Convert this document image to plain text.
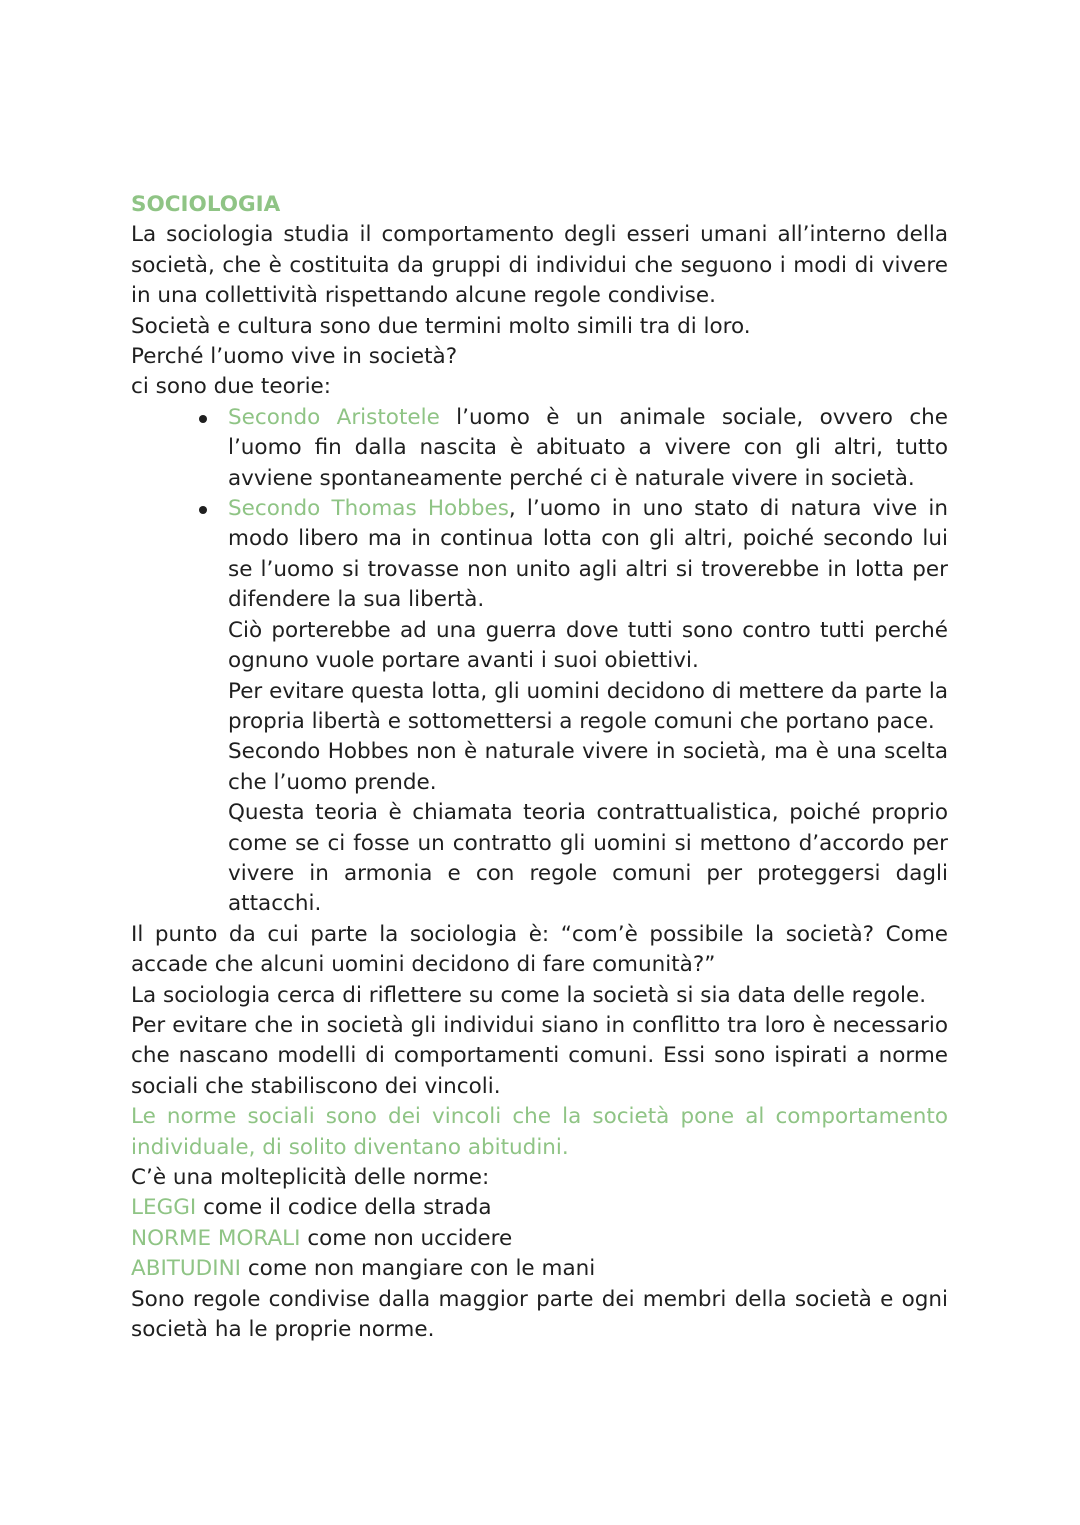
SOCIOLOGIA

La sociologia studia il comportamento degli esseri umani all’interno della società, che è costituita da gruppi di individui che seguono i modi di vivere in una collettività rispettando alcune regole condivise.

Società e cultura sono due termini molto simili tra di loro.

Perché l’uomo vive in società?

ci sono due teorie:

Secondo Aristotele l’uomo è un animale sociale, ovvero che l’uomo fin dalla nascita è abituato a vivere con gli altri, tutto avviene spontaneamente perché ci è naturale vivere in società.

Secondo Thomas Hobbes, l’uomo in uno stato di natura vive in modo libero ma in continua lotta con gli altri, poiché secondo lui se l’uomo si trovasse non unito agli altri si troverebbe in lotta per difendere la sua libertà.

Ciò porterebbe ad una guerra dove tutti sono contro tutti perché ognuno vuole portare avanti i suoi obiettivi.

Per evitare questa lotta, gli uomini decidono di mettere da parte la propria libertà e sottomettersi a regole comuni che portano pace.

Secondo Hobbes non è naturale vivere in società, ma è una scelta che l’uomo prende.

Questa teoria è chiamata teoria contrattualistica, poiché proprio come se ci fosse un contratto gli uomini si mettono d’accordo per vivere in armonia e con regole comuni per proteggersi dagli attacchi.

Il punto da cui parte la sociologia è: “com’è possibile la società? Come accade che alcuni uomini decidono di fare comunità?”

La sociologia cerca di riflettere su come la società si sia data delle regole.

Per evitare che in società gli individui siano in conflitto tra loro è necessario che nascano modelli di comportamenti comuni. Essi sono ispirati a norme sociali che stabiliscono dei vincoli.

Le norme sociali sono dei vincoli che la società pone al comportamento individuale, di solito diventano abitudini.

C’è una molteplicità delle norme:

LEGGI come il codice della strada

NORME MORALI come non uccidere

ABITUDINI come non mangiare con le mani

Sono regole condivise dalla maggior parte dei membri della società e ogni società ha le proprie norme.
